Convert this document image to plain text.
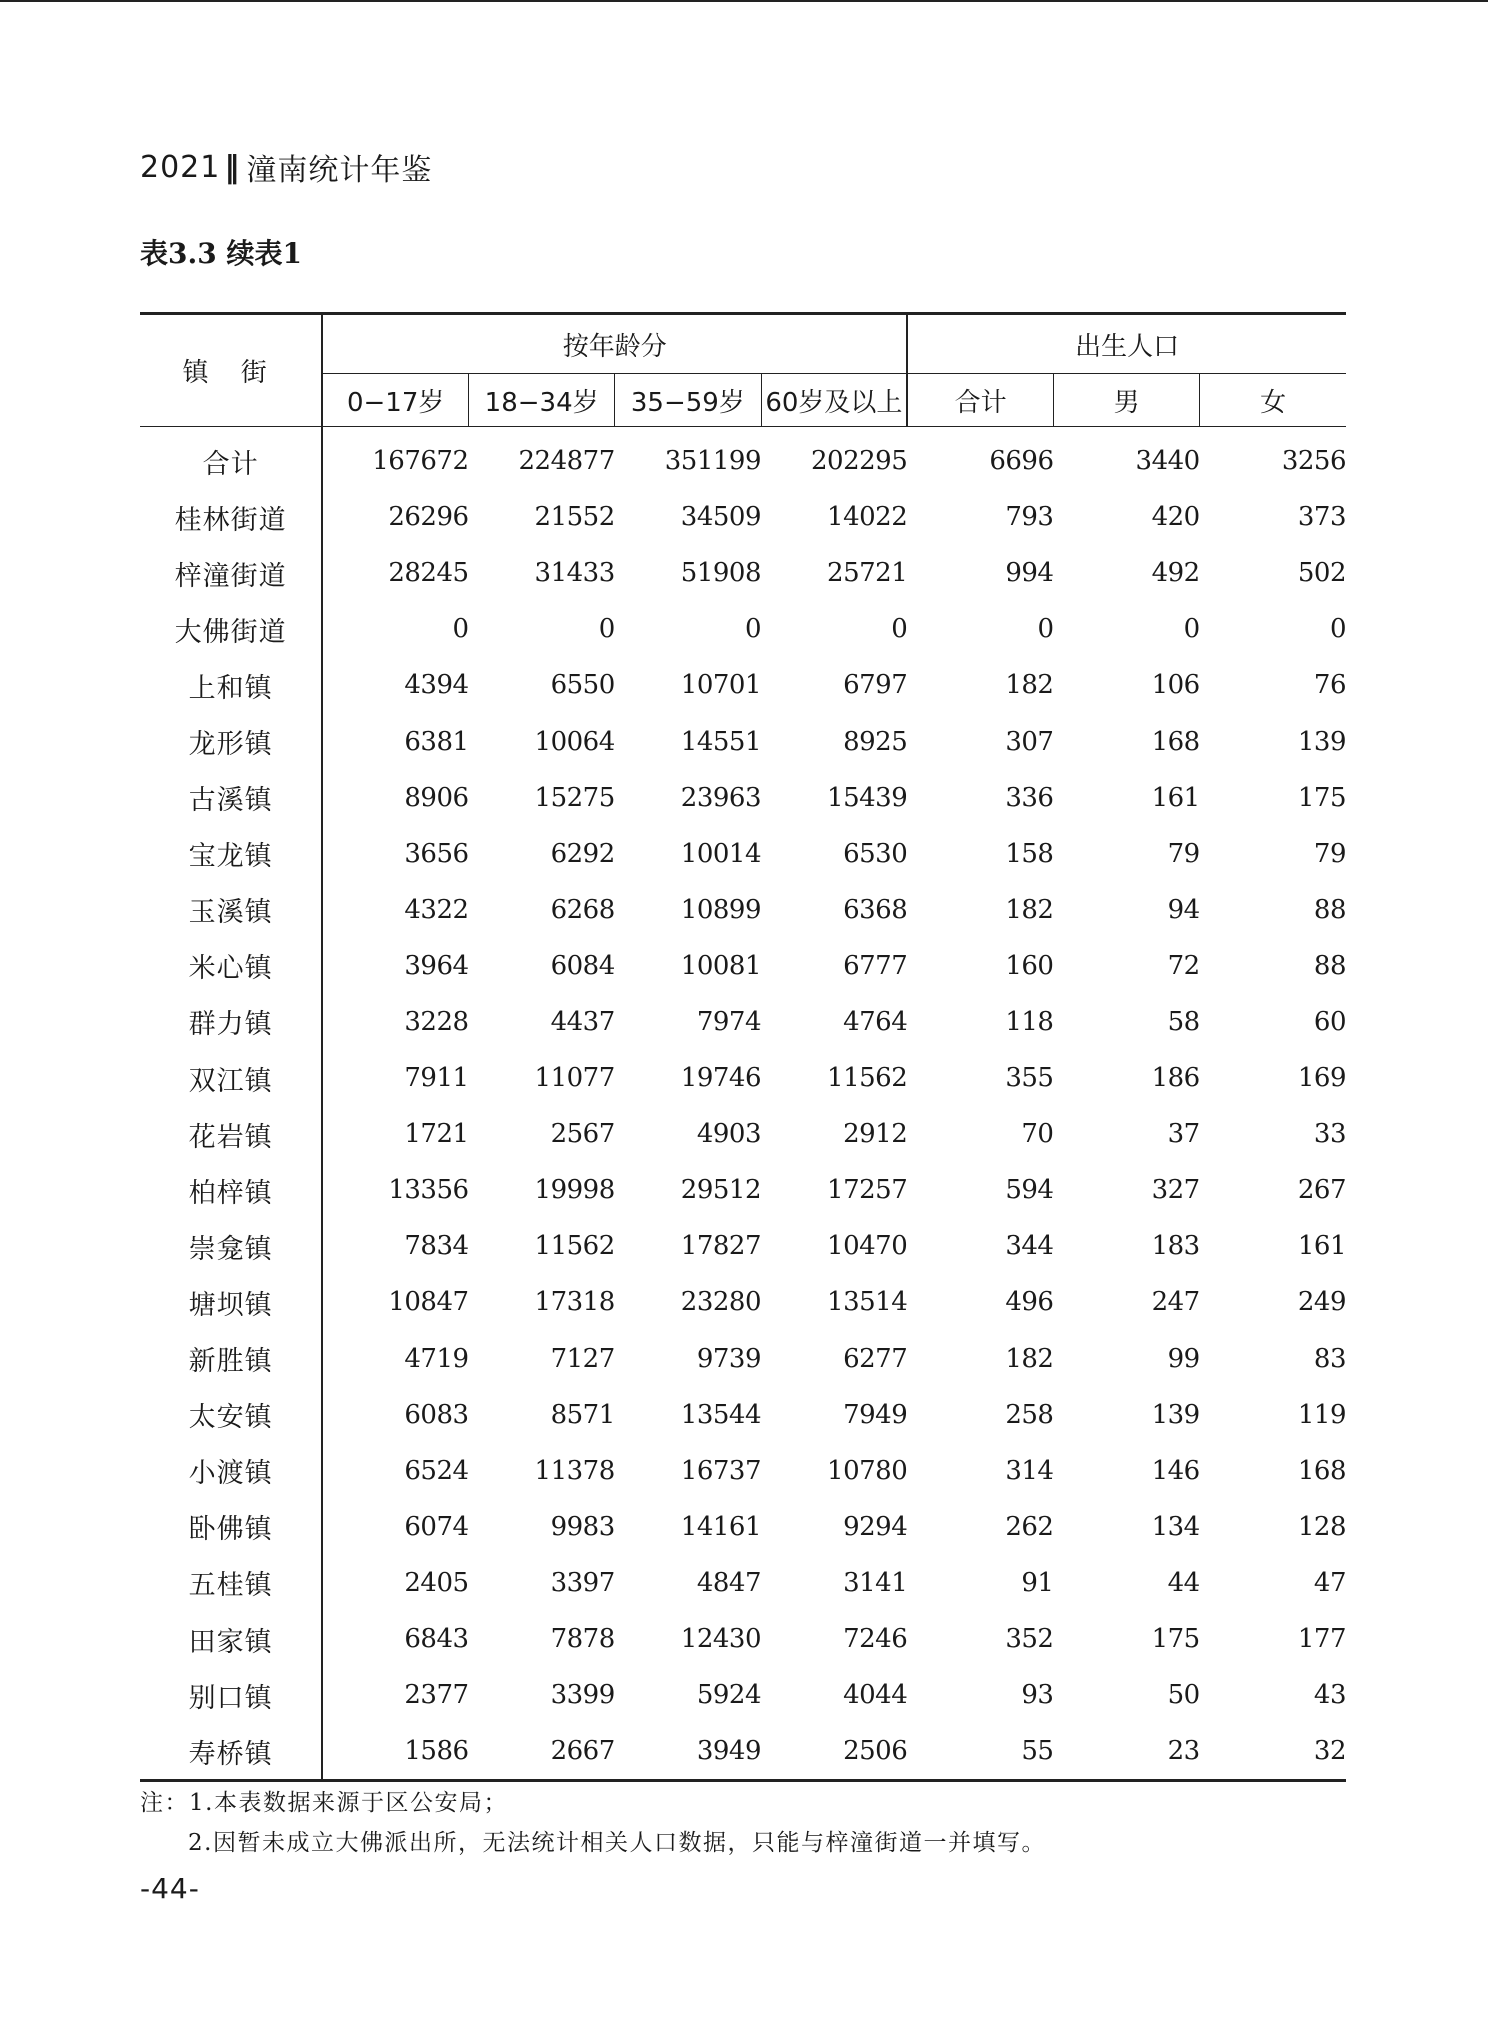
2021 ‖ 潼南统计年鉴
表3.3 续表1
镇 街	按年龄分				出生人口		
	0−17岁	18−34岁	35−59岁	60岁及以上	合计	男	女
合计	167672	224877	351199	202295	6696	3440	3256
桂林街道	26296	21552	34509	14022	793	420	373
梓潼街道	28245	31433	51908	25721	994	492	502
大佛街道	0	0	0	0	0	0	0
上和镇	4394	6550	10701	6797	182	106	76
龙形镇	6381	10064	14551	8925	307	168	139
古溪镇	8906	15275	23963	15439	336	161	175
宝龙镇	3656	6292	10014	6530	158	79	79
玉溪镇	4322	6268	10899	6368	182	94	88
米心镇	3964	6084	10081	6777	160	72	88
群力镇	3228	4437	7974	4764	118	58	60
双江镇	7911	11077	19746	11562	355	186	169
花岩镇	1721	2567	4903	2912	70	37	33
柏梓镇	13356	19998	29512	17257	594	327	267
崇龛镇	7834	11562	17827	10470	344	183	161
塘坝镇	10847	17318	23280	13514	496	247	249
新胜镇	4719	7127	9739	6277	182	99	83
太安镇	6083	8571	13544	7949	258	139	119
小渡镇	6524	11378	16737	10780	314	146	168
卧佛镇	6074	9983	14161	9294	262	134	128
五桂镇	2405	3397	4847	3141	91	44	47
田家镇	6843	7878	12430	7246	352	175	177
别口镇	2377	3399	5924	4044	93	50	43
寿桥镇	1586	2667	3949	2506	55	23	32
注：1.本表数据来源于区公安局；
2.因暂未成立大佛派出所，无法统计相关人口数据，只能与梓潼街道一并填写。
-44-
